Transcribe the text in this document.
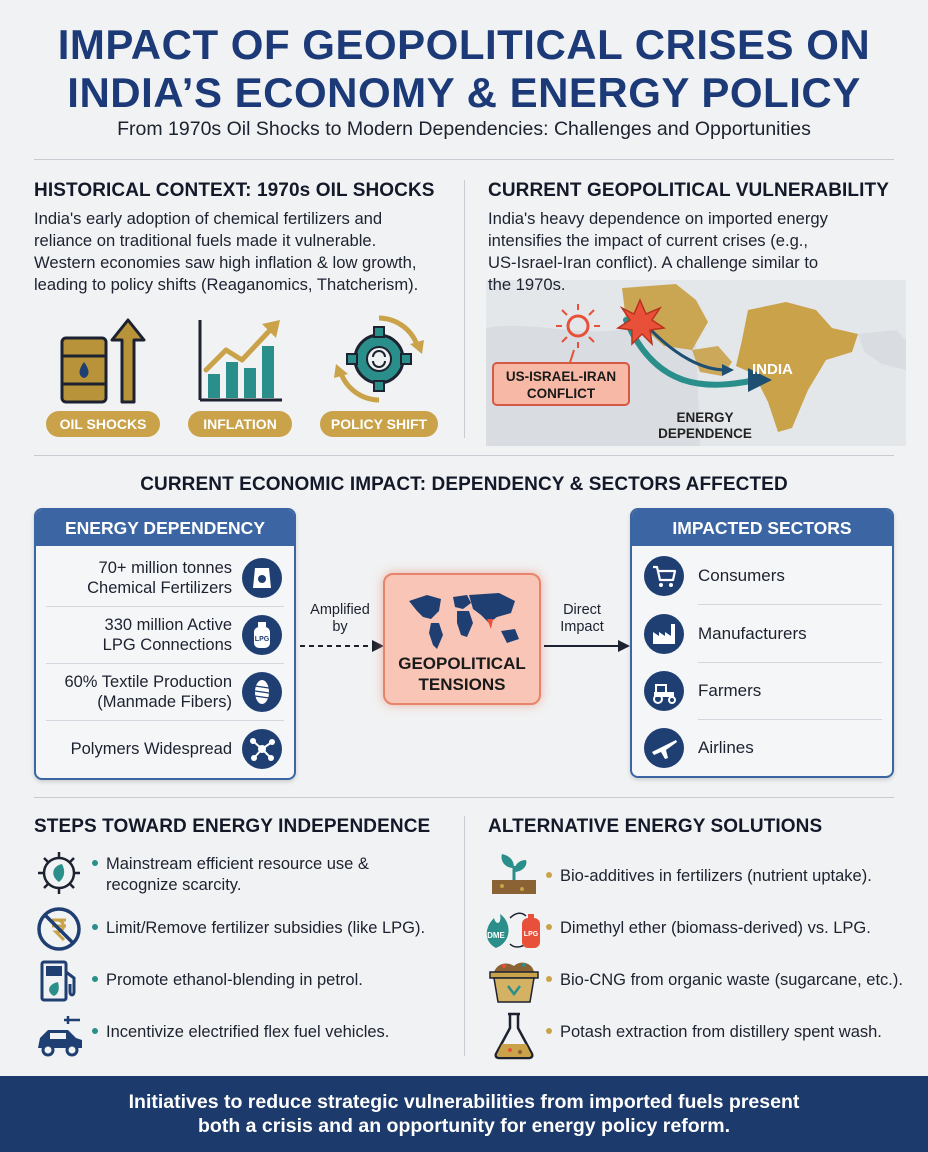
IMPACT OF GEOPOLITICAL CRISES ON
INDIA’S ECONOMY & ENERGY POLICY
From 1970s Oil Shocks to Modern Dependencies: Challenges and Opportunities
HISTORICAL CONTEXT: 1970s OIL SHOCKS
India's early adoption of chemical fertilizers and
reliance on traditional fuels made it vulnerable.
Western economies saw high inflation & low growth,
leading to policy shifts (Reaganomics, Thatcherism).
OIL SHOCKS	INFLATION	POLICY SHIFT
CURRENT GEOPOLITICAL VULNERABILITY
India's heavy dependence on imported energy
intensifies the impact of current crises (e.g.,
US-Israel-Iran conflict). A challenge similar to
the 1970s.
US-ISRAEL-IRAN
CONFLICT
INDIA
ENERGY
DEPENDENCE
CURRENT ECONOMIC IMPACT: DEPENDENCY & SECTORS AFFECTED
ENERGY DEPENDENCY
70+ million tonnes
Chemical Fertilizers
330 million Active
LPG Connections	LPG
60% Textile Production
(Manmade Fibers)
Polymers Widespread
Amplified
by
GEOPOLITICAL
TENSIONS
Direct
Impact
IMPACTED SECTORS
Consumers
Manufacturers
Farmers
Airlines
STEPS TOWARD ENERGY INDEPENDENCE
Mainstream efficient resource use &
recognize scarcity.
Limit/Remove fertilizer subsidies (like LPG).
Promote ethanol-blending in petrol.
Incentivize electrified flex fuel vehicles.
ALTERNATIVE ENERGY SOLUTIONS
Bio-additives in fertilizers (nutrient uptake).
DME	LPG	Dimethyl ether (biomass-derived) vs. LPG.
Bio-CNG from organic waste (sugarcane, etc.).
Potash extraction from distillery spent wash.
Initiatives to reduce strategic vulnerabilities from imported fuels present
both a crisis and an opportunity for energy policy reform.
